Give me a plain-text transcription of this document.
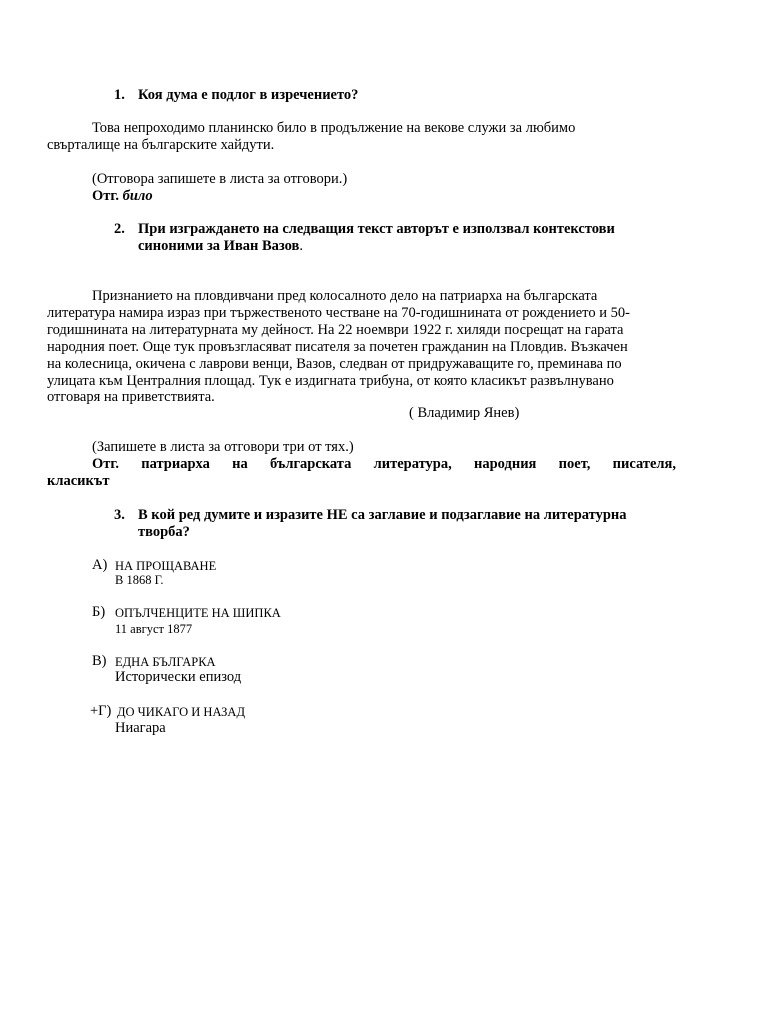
1. Коя дума е подлог в изречението?
Това непроходимо планинско било в продължение на векове служи за любимо
свърталище на българските хайдути.
(Отговора запишете в листа за отговори.)
Отг. било
2. При изграждането на следващия текст авторът е използвал контекстови
синоними за Иван Вазов.
Признанието на пловдивчани пред колосалното дело на патриарха на българската
литература намира израз при тържественото честване на 70-годишнината от рождението и 50-
годишнината на литературната му дейност. На 22 ноември 1922 г. хиляди посрещат на гарата
народния поет. Още тук провъзгласяват писателя за почетен гражданин на Пловдив. Възкачен
на колесница, окичена с лаврови венци, Вазов, следван от придружаващите го, преминава по
улицата към Централния площад. Тук е издигната трибуна, от която класикът развълнувано
отговаря на приветствията.
( Владимир Янев)
(Запишете в листа за отговори три от тях.)
Отг. патриарха на българската литература, народния поет, писателя,
класикът
3. В кой ред думите и изразите НЕ са заглавие и подзаглавие на литературна
творба?
А) НА ПРОЩАВАНЕ
В 1868 Г.
Б) ОПЪЛЧЕНЦИТЕ НА ШИПКА
11 август 1877
В) ЕДНА БЪЛГАРКА
Исторически епизод
+Г) ДО ЧИКАГО И НАЗАД
Ниагара
